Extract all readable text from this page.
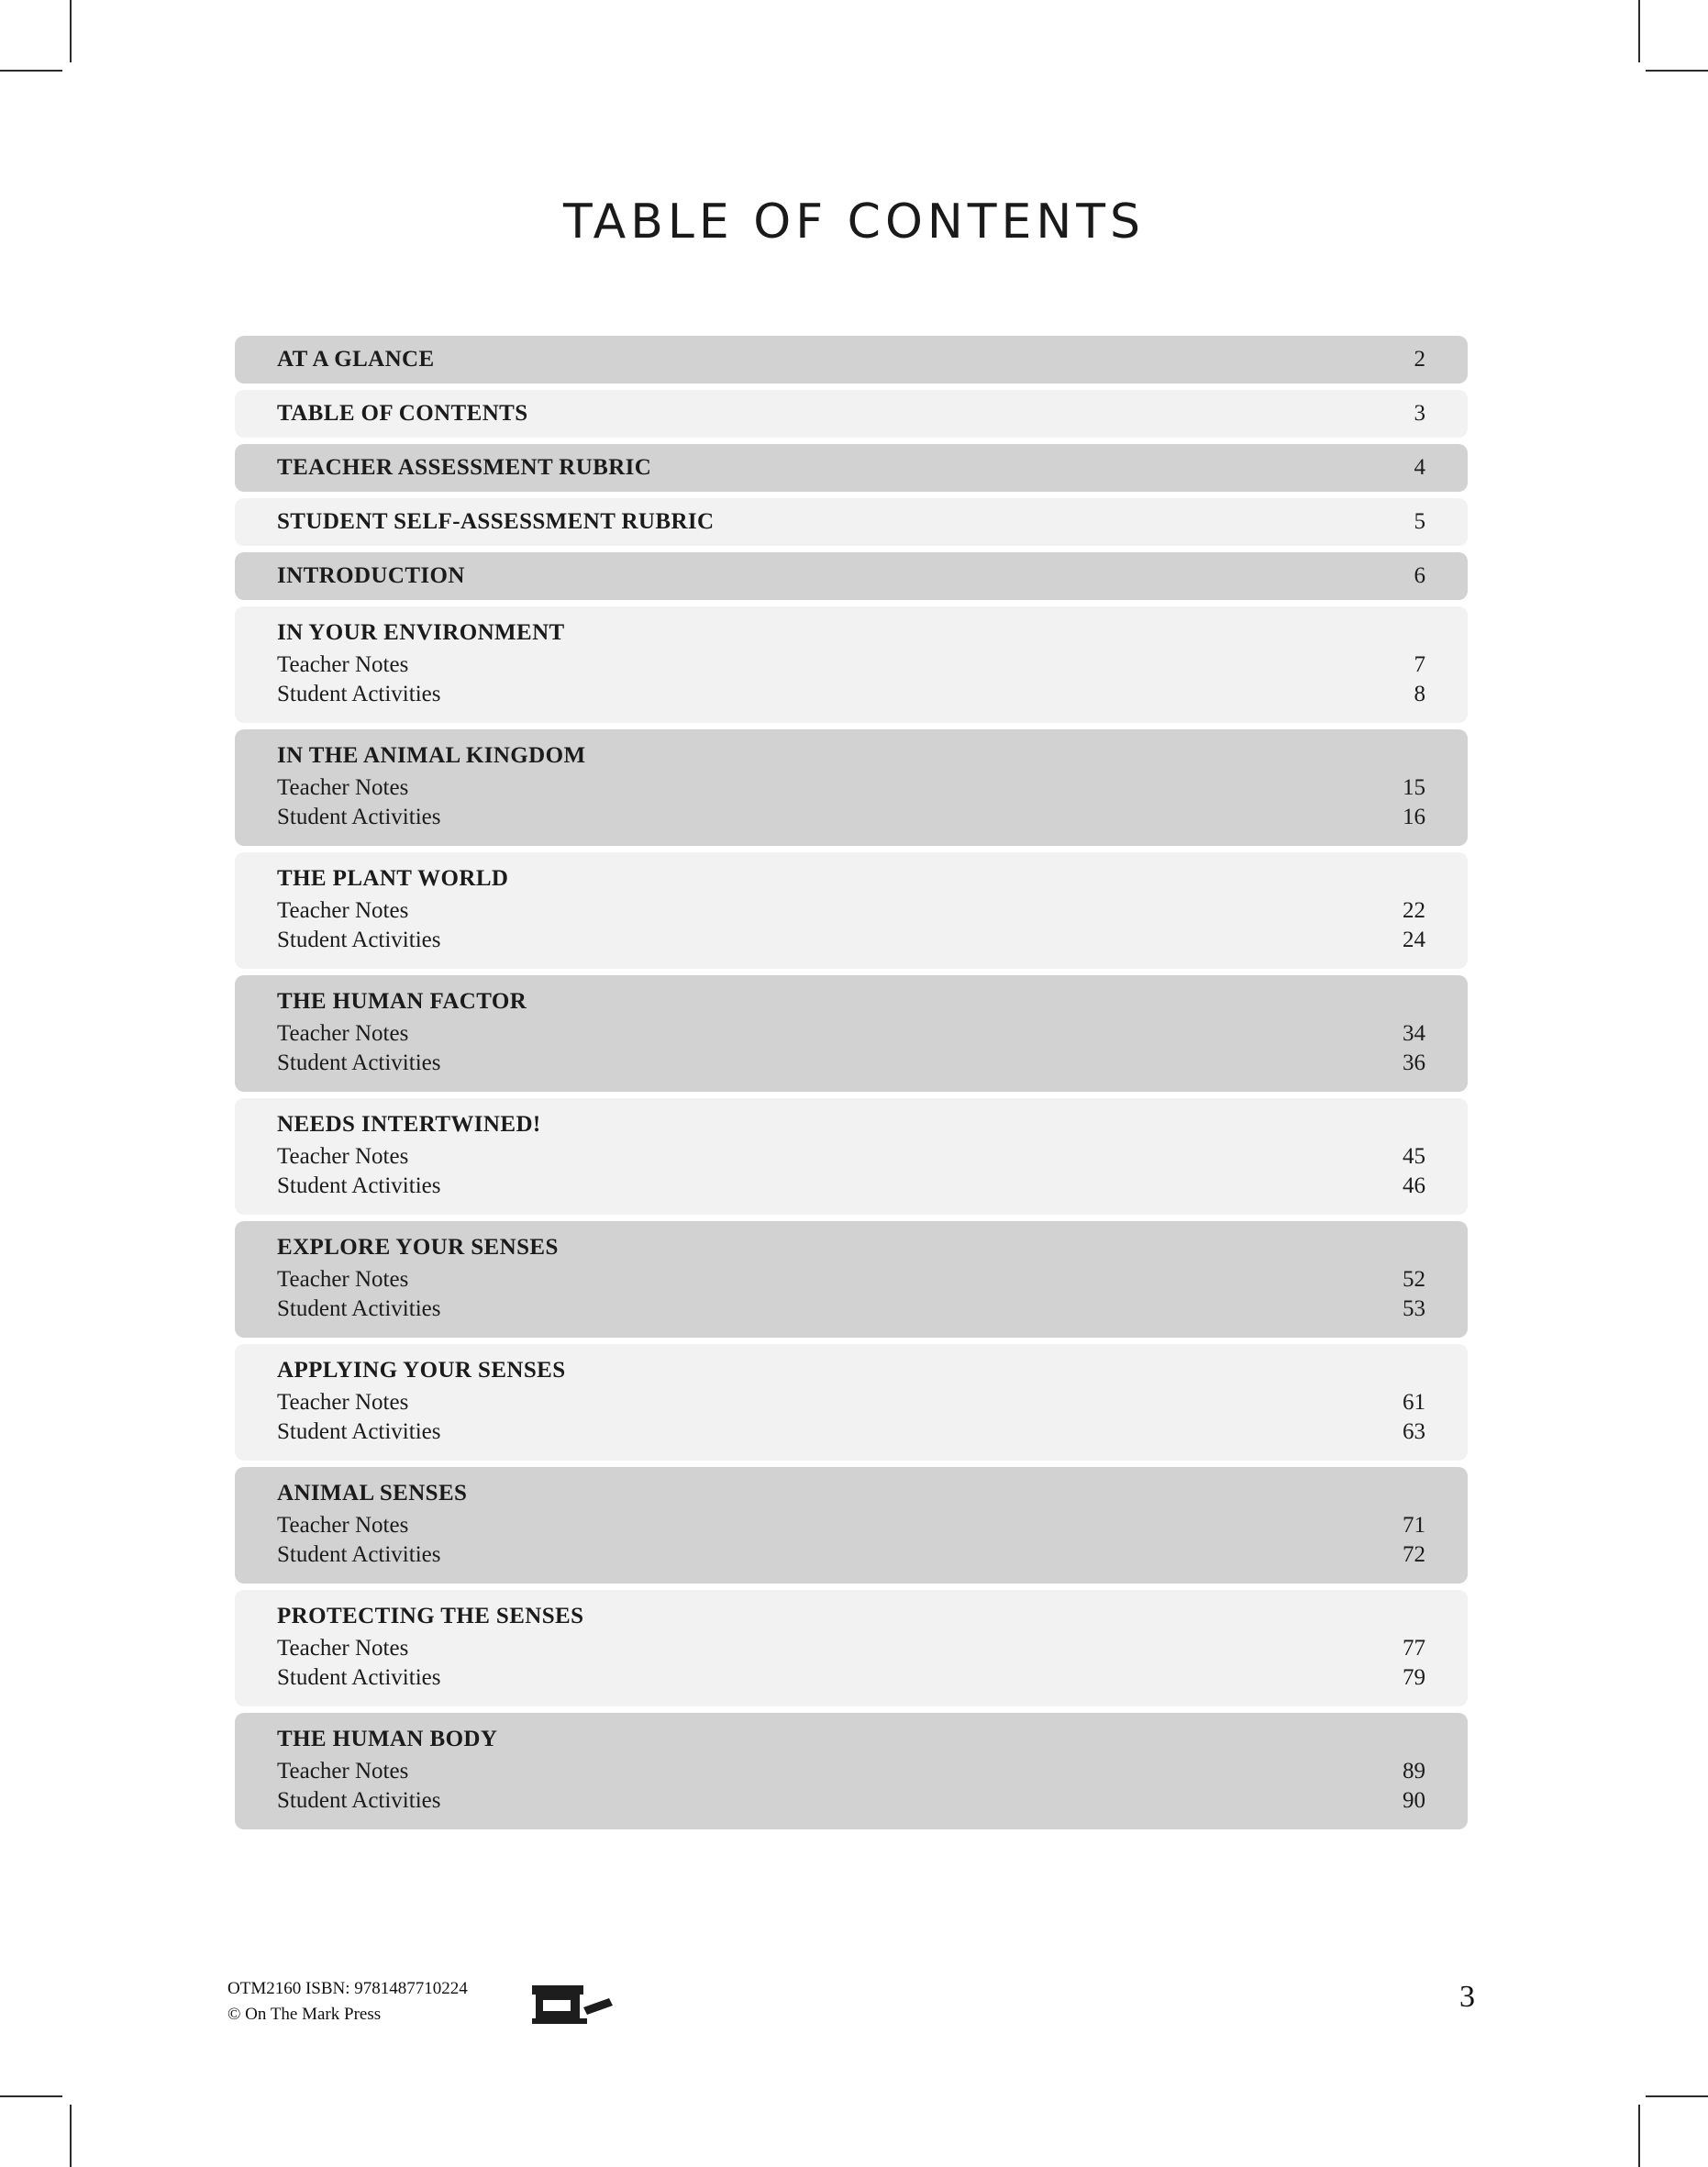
TABLE OF CONTENTS
AT A GLANCE	2
TABLE OF CONTENTS	3
TEACHER ASSESSMENT RUBRIC	4
STUDENT SELF-ASSESSMENT RUBRIC	5
INTRODUCTION	6
IN YOUR ENVIRONMENT
Teacher Notes	7
Student Activities	8
IN THE ANIMAL KINGDOM
Teacher Notes	15
Student Activities	16
THE PLANT WORLD
Teacher Notes	22
Student Activities	24
THE HUMAN FACTOR
Teacher Notes	34
Student Activities	36
NEEDS INTERTWINED!
Teacher Notes	45
Student Activities	46
EXPLORE YOUR SENSES
Teacher Notes	52
Student Activities	53
APPLYING YOUR SENSES
Teacher Notes	61
Student Activities	63
ANIMAL SENSES
Teacher Notes	71
Student Activities	72
PROTECTING THE SENSES
Teacher Notes	77
Student Activities	79
THE HUMAN BODY
Teacher Notes	89
Student Activities	90
OTM2160 ISBN: 9781487710224
© On The Mark Press
3
